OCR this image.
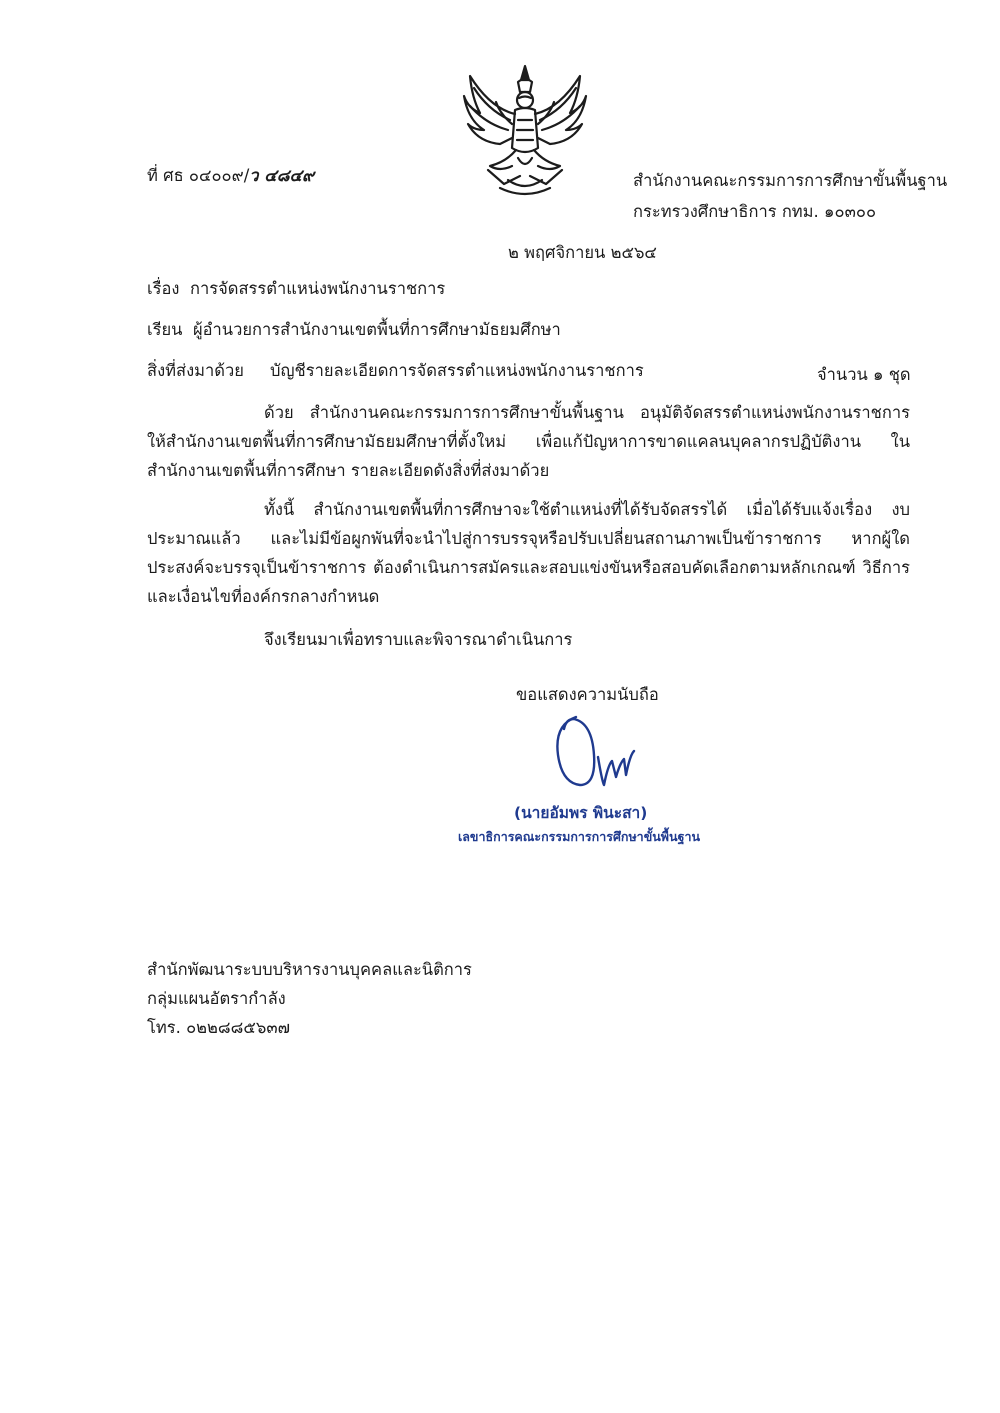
ที่ ศธ ๐๔๐๐๙/ว ๔๘๔๙	สำนักงานคณะกรรมการการศึกษาขั้นพื้นฐาน
กระทรวงศึกษาธิการ กทม. ๑๐๓๐๐
๒ พฤศจิกายน ๒๕๖๔
เรื่อง การจัดสรรตำแหน่งพนักงานราชการ
เรียน ผู้อำนวยการสำนักงานเขตพื้นที่การศึกษามัธยมศึกษา
สิ่งที่ส่งมาด้วย บัญชีรายละเอียดการจัดสรรตำแหน่งพนักงานราชการ	จำนวน ๑ ชุด
ด้วย สำนักงานคณะกรรมการการศึกษาขั้นพื้นฐาน อนุมัติจัดสรรตำแหน่งพนักงานราชการ ให้สำนักงานเขตพื้นที่การศึกษามัธยมศึกษาที่ตั้งใหม่ เพื่อแก้ปัญหาการขาดแคลนบุคลากรปฏิบัติงาน ในสำนักงานเขตพื้นที่การศึกษา รายละเอียดดังสิ่งที่ส่งมาด้วย
ทั้งนี้ สำนักงานเขตพื้นที่การศึกษาจะใช้ตำแหน่งที่ได้รับจัดสรรได้ เมื่อได้รับแจ้งเรื่อง งบประมาณแล้ว และไม่มีข้อผูกพันที่จะนำไปสู่การบรรจุหรือปรับเปลี่ยนสถานภาพเป็นข้าราชการ หากผู้ใด ประสงค์จะบรรจุเป็นข้าราชการ ต้องดำเนินการสมัครและสอบแข่งขันหรือสอบคัดเลือกตามหลักเกณฑ์ วิธีการ และเงื่อนไขที่องค์กรกลางกำหนด
จึงเรียนมาเพื่อทราบและพิจารณาดำเนินการ
ขอแสดงความนับถือ
(นายอัมพร พินะสา)
เลขาธิการคณะกรรมการการศึกษาขั้นพื้นฐาน
สำนักพัฒนาระบบบริหารงานบุคคลและนิติการ
กลุ่มแผนอัตรากำลัง
โทร. ๐๒๒๘๘๕๖๓๗
